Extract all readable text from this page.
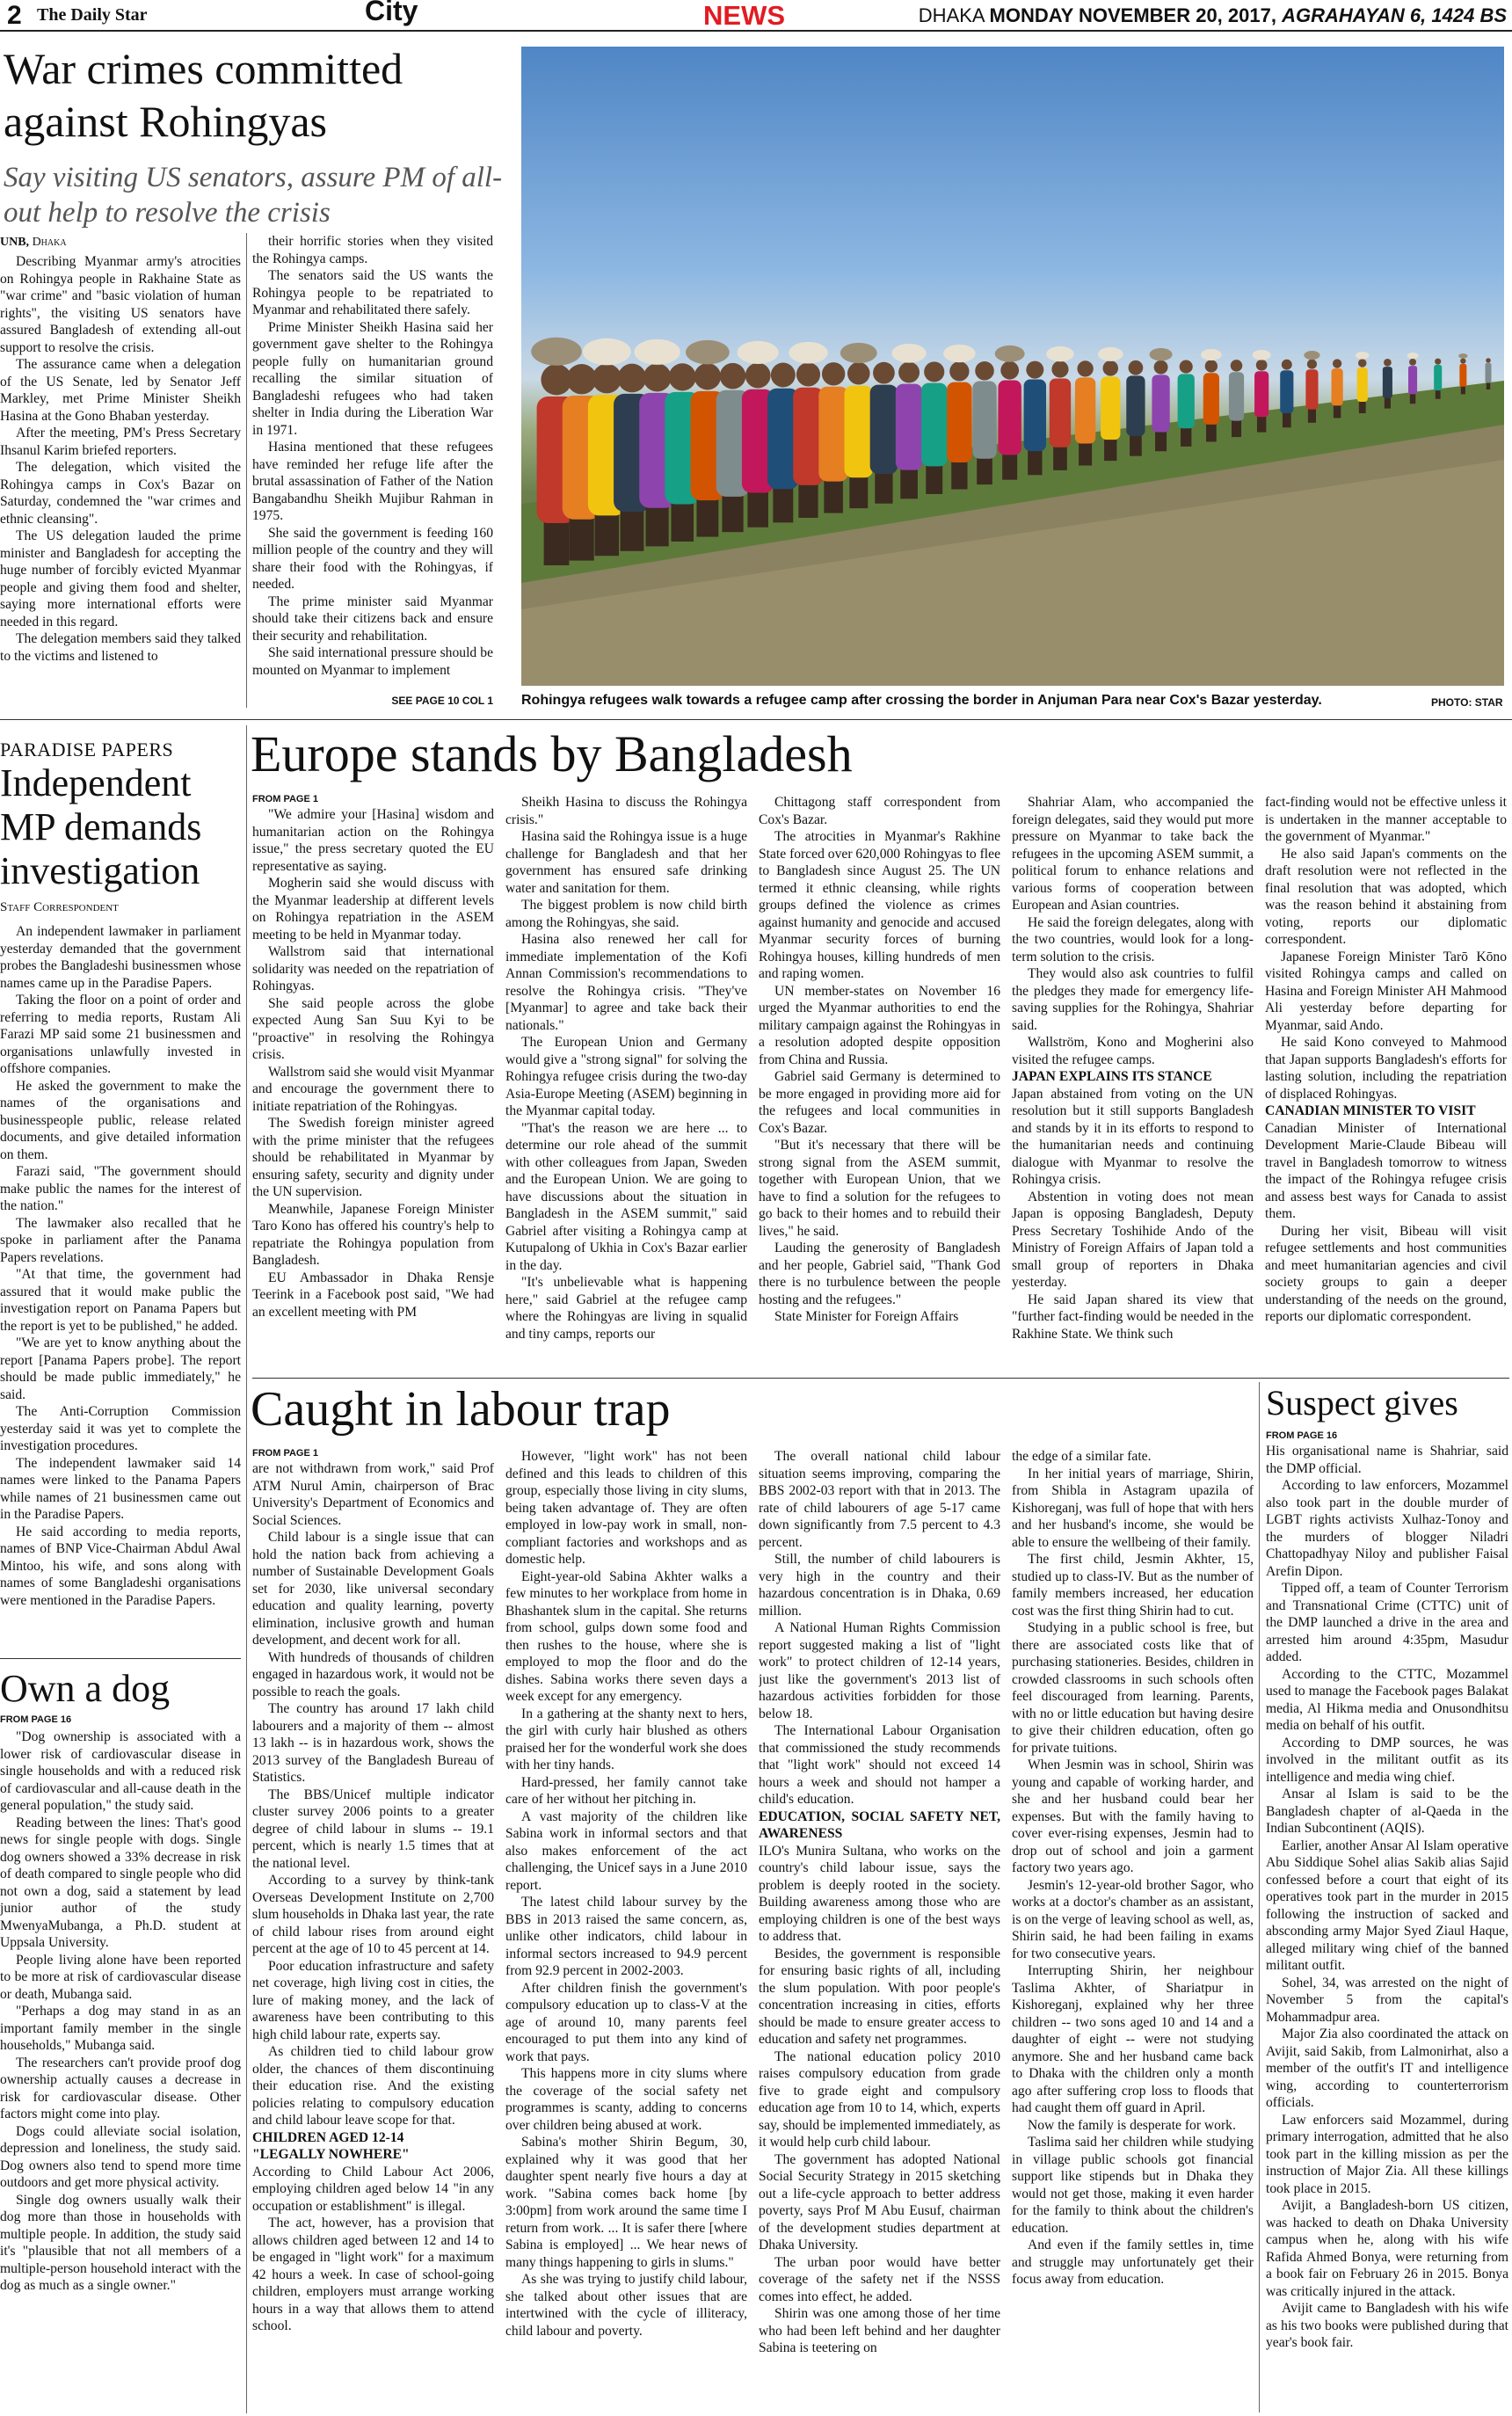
2 The Daily Star	City	NEWS	DHAKA MONDAY NOVEMBER 20, 2017, AGRAHAYAN 6, 1424 BS
War crimes committed against Rohingyas
Say visiting US senators, assure PM of all-out help to resolve the crisis
UNB, Dhaka

Describing Myanmar army's atrocities on Rohingya people in Rakhaine State as "war crime" and "basic violation of human rights", the visiting US senators have assured Bangladesh of extending all-out support to resolve the crisis.

The assurance came when a delegation of the US Senate, led by Senator Jeff Markley, met Prime Minister Sheikh Hasina at the Gono Bhaban yesterday.

After the meeting, PM's Press Secretary Ihsanul Karim briefed reporters.

The delegation, which visited the Rohingya camps in Cox's Bazar on Saturday, condemned the "war crimes and ethnic cleansing".

The US delegation lauded the prime minister and Bangladesh for accepting the huge number of forcibly evicted Myanmar people and giving them food and shelter, saying more international efforts were needed in this regard.

The delegation members said they talked to the victims and listened to

their horrific stories when they visited the Rohingya camps.

The senators said the US wants the Rohingya people to be repatriated to Myanmar and rehabilitated there safely.

Prime Minister Sheikh Hasina said her government gave shelter to the Rohingya people fully on humanitarian ground recalling the similar situation of Bangladeshi refugees who had taken shelter in India during the Liberation War in 1971.

Hasina mentioned that these refugees have reminded her refuge life after the brutal assassination of Father of the Nation Bangabandhu Sheikh Mujibur Rahman in 1975.

She said the government is feeding 160 million people of the country and they will share their food with the Rohingyas, if needed.

The prime minister said Myanmar should take their citizens back and ensure their security and rehabilitation.

She said international pressure should be mounted on Myanmar to implement

SEE PAGE 10 COL 1 Rohingya refugees walk towards a refugee camp after crossing the border in Anjuman Para near Cox's Bazar yesterday.	PHOTO: STAR
PARADISE PAPERS
Independent MP demands investigation
Staff Correspondent

An independent lawmaker in parliament yesterday demanded that the government probes the Bangladeshi businessmen whose names came up in the Paradise Papers.

Taking the floor on a point of order and referring to media reports, Rustam Ali Farazi MP said some 21 businessmen and organisations unlawfully invested in offshore companies.

He asked the government to make the names of the organisations and businesspeople public, release related documents, and give detailed information on them.

Farazi said, "The government should make public the names for the interest of the nation."

The lawmaker also recalled that he spoke in parliament after the Panama Papers revelations.

"At that time, the government had assured that it would make public the investigation report on Panama Papers but the report is yet to be published," he added.

"We are yet to know anything about the report [Panama Papers probe]. The report should be made public immediately," he said.

The Anti-Corruption Commission yesterday said it was yet to complete the investigation procedures.

The independent lawmaker said 14 names were linked to the Panama Papers while names of 21 businessmen came out in the Paradise Papers.

He said according to media reports, names of BNP Vice-Chairman Abdul Awal Mintoo, his wife, and sons along with names of some Bangladeshi organisations were mentioned in the Paradise Papers.

Own a dog
FROM PAGE 16

"Dog ownership is associated with a lower risk of cardiovascular disease in single households and with a reduced risk of cardiovascular and all-cause death in the general population," the study said.

Reading between the lines: That's good news for single people with dogs. Single dog owners showed a 33% decrease in risk of death compared to single people who did not own a dog, said a statement by lead junior author of the study MwenyaMubanga, a Ph.D. student at Uppsala University.

People living alone have been reported to be more at risk of cardiovascular disease or death, Mubanga said.

"Perhaps a dog may stand in as an important family member in the single households," Mubanga said.

The researchers can't provide proof dog ownership actually causes a decrease in risk for cardiovascular disease. Other factors might come into play.

Dogs could alleviate social isolation, depression and loneliness, the study said. Dog owners also tend to spend more time outdoors and get more physical activity.

Single dog owners usually walk their dog more than those in households with multiple people. In addition, the study said it's "plausible that not all members of a multiple-person household interact with the dog as much as a single owner."

Europe stands by Bangladesh
FROM PAGE 1

"We admire your [Hasina] wisdom and humanitarian action on the Rohingya issue," the press secretary quoted the EU representative as saying.

Mogherin said she would discuss with the Myanmar leadership at different levels on Rohingya repatriation in the ASEM meeting to be held in Myanmar today.

Wallstrom said that international solidarity was needed on the repatriation of Rohingyas.

She said people across the globe expected Aung San Suu Kyi to be "proactive" in resolving the Rohingya crisis.

Wallstrom said she would visit Myanmar and encourage the government there to initiate repatriation of the Rohingyas.

The Swedish foreign minister agreed with the prime minister that the refugees should be rehabilitated in Myanmar by ensuring safety, security and dignity under the UN supervision.

Meanwhile, Japanese Foreign Minister Taro Kono has offered his country's help to repatriate the Rohingya population from Bangladesh.

EU Ambassador in Dhaka Rensje Teerink in a Facebook post said, "We had an excellent meeting with PM

Sheikh Hasina to discuss the Rohingya crisis."

Hasina said the Rohingya issue is a huge challenge for Bangladesh and that her government has ensured safe drinking water and sanitation for them.

The biggest problem is now child birth among the Rohingyas, she said.

Hasina also renewed her call for immediate implementation of the Kofi Annan Commission's recommendations to resolve the Rohingya crisis. "They've [Myanmar] to agree and take back their nationals."

The European Union and Germany would give a "strong signal" for solving the Rohingya refugee crisis during the two-day Asia-Europe Meeting (ASEM) beginning in the Myanmar capital today.

"That's the reason we are here ... to determine our role ahead of the summit with other colleagues from Japan, Sweden and the European Union. We are going to have discussions about the situation in Bangladesh in the ASEM summit," said Gabriel after visiting a Rohingya camp at Kutupalong of Ukhia in Cox's Bazar earlier in the day.

"It's unbelievable what is happening here," said Gabriel at the refugee camp where the Rohingyas are living in squalid and tiny camps, reports our

Chittagong staff correspondent from Cox's Bazar.

The atrocities in Myanmar's Rakhine State forced over 620,000 Rohingyas to flee to Bangladesh since August 25. The UN termed it ethnic cleansing, while rights groups defined the violence as crimes against humanity and genocide and accused Myanmar security forces of burning Rohingya houses, killing hundreds of men and raping women.

UN member-states on November 16 urged the Myanmar authorities to end the military campaign against the Rohingyas in a resolution adopted despite opposition from China and Russia.

Gabriel said Germany is determined to be more engaged in providing more aid for the refugees and local communities in Cox's Bazar.

"But it's necessary that there will be strong signal from the ASEM summit, together with European Union, that we have to find a solution for the refugees to go back to their homes and to rebuild their lives," he said.

Lauding the generosity of Bangladesh and her people, Gabriel said, "Thank God there is no turbulence between the people hosting and the refugees."

State Minister for Foreign Affairs

Shahriar Alam, who accompanied the foreign delegates, said they would put more pressure on Myanmar to take back the refugees in the upcoming ASEM summit, a political forum to enhance relations and various forms of cooperation between European and Asian countries.

He said the foreign delegates, along with the two countries, would look for a long-term solution to the crisis.

They would also ask countries to fulfil the pledges they made for emergency life-saving supplies for the Rohingya, Shahriar said.

Wallström, Kono and Mogherini also visited the refugee camps.

JAPAN EXPLAINS ITS STANCE

Japan abstained from voting on the UN resolution but it still supports Bangladesh and stands by it in its efforts to respond to the humanitarian needs and continuing dialogue with Myanmar to resolve the Rohingya crisis.

Abstention in voting does not mean Japan is opposing Bangladesh, Deputy Press Secretary Toshihide Ando of the Ministry of Foreign Affairs of Japan told a small group of reporters in Dhaka yesterday.

He said Japan shared its view that "further fact-finding would be needed in the Rakhine State. We think such

fact-finding would not be effective unless it is undertaken in the manner acceptable to the government of Myanmar."

He also said Japan's comments on the draft resolution were not reflected in the final resolution that was adopted, which was the reason behind it abstaining from voting, reports our diplomatic correspondent.

Japanese Foreign Minister Tarō Kōno visited Rohingya camps and called on Hasina and Foreign Minister AH Mahmood Ali yesterday before departing for Myanmar, said Ando.

He said Kono conveyed to Mahmood that Japan supports Bangladesh's efforts for lasting solution, including the repatriation of displaced Rohingyas.

CANADIAN MINISTER TO VISIT

Canadian Minister of International Development Marie-Claude Bibeau will travel in Bangladesh tomorrow to witness the impact of the Rohingya refugee crisis and assess best ways for Canada to assist them.

During her visit, Bibeau will visit refugee settlements and host communities and meet humanitarian agencies and civil society groups to gain a deeper understanding of the needs on the ground, reports our diplomatic correspondent.

Caught in labour trap
FROM PAGE 1

are not withdrawn from work," said Prof ATM Nurul Amin, chairperson of Brac University's Department of Economics and Social Sciences.

Child labour is a single issue that can hold the nation back from achieving a number of Sustainable Development Goals set for 2030, like universal secondary education and quality learning, poverty elimination, inclusive growth and human development, and decent work for all.

With hundreds of thousands of children engaged in hazardous work, it would not be possible to reach the goals.

The country has around 17 lakh child labourers and a majority of them -- almost 13 lakh -- is in hazardous work, shows the 2013 survey of the Bangladesh Bureau of Statistics.

The BBS/Unicef multiple indicator cluster survey 2006 points to a greater degree of child labour in slums -- 19.1 percent, which is nearly 1.5 times that at the national level.

According to a survey by think-tank Overseas Development Institute on 2,700 slum households in Dhaka last year, the rate of child labour rises from around eight percent at the age of 10 to 45 percent at 14.

Poor education infrastructure and safety net coverage, high living cost in cities, the lure of making money, and the lack of awareness have been contributing to this high child labour rate, experts say.

As children tied to child labour grow older, the chances of them discontinuing their education rise. And the existing policies relating to compulsory education and child labour leave scope for that.

CHILDREN AGED 12-14

"LEGALLY NOWHERE"

According to Child Labour Act 2006, employing children aged below 14 "in any occupation or establishment" is illegal.

The act, however, has a provision that allows children aged between 12 and 14 to be engaged in "light work" for a maximum 42 hours a week. In case of school-going children, employers must arrange working hours in a way that allows them to attend school.

However, "light work" has not been defined and this leads to children of this group, especially those living in city slums, being taken advantage of. They are often employed in low-pay work in small, non-compliant factories and workshops and as domestic help.

Eight-year-old Sabina Akhter walks a few minutes to her workplace from home in Bhashantek slum in the capital. She returns from school, gulps down some food and then rushes to the house, where she is employed to mop the floor and do the dishes. Sabina works there seven days a week except for any emergency.

In a gathering at the shanty next to hers, the girl with curly hair blushed as others praised her for the wonderful work she does with her tiny hands.

Hard-pressed, her family cannot take care of her without her pitching in.

A vast majority of the children like Sabina work in informal sectors and that also makes enforcement of the act challenging, the Unicef says in a June 2010 report.

The latest child labour survey by the BBS in 2013 raised the same concern, as, unlike other indicators, child labour in informal sectors increased to 94.9 percent from 92.9 percent in 2002-2003.

After children finish the government's compulsory education up to class-V at the age of around 10, many parents feel encouraged to put them into any kind of work that pays.

This happens more in city slums where the coverage of the social safety net programmes is scanty, adding to concerns over children being abused at work.

Sabina's mother Shirin Begum, 30, explained why it was good that her daughter spent nearly five hours a day at work. "Sabina comes back home [by 3:00pm] from work around the same time I return from work. ... It is safer there [where Sabina is employed] ... We hear news of many things happening to girls in slums."

As she was trying to justify child labour, she talked about other issues that are intertwined with the cycle of illiteracy, child labour and poverty.

The overall national child labour situation seems improving, comparing the BBS 2002-03 report with that in 2013. The rate of child labourers of age 5-17 came down significantly from 7.5 percent to 4.3 percent.

Still, the number of child labourers is very high in the country and their hazardous concentration is in Dhaka, 0.69 million.

A National Human Rights Commission report suggested making a list of "light work" to protect children of 12-14 years, just like the government's 2013 list of hazardous activities forbidden for those below 18.

The International Labour Organisation that commissioned the study recommends that "light work" should not exceed 14 hours a week and should not hamper a child's education.

EDUCATION, SOCIAL SAFETY NET, AWARENESS

ILO's Munira Sultana, who works on the country's child labour issue, says the problem is deeply rooted in the society. Building awareness among those who are employing children is one of the best ways to address that.

Besides, the government is responsible for ensuring basic rights of all, including the slum population. With poor people's concentration increasing in cities, efforts should be made to ensure greater access to education and safety net programmes.

The national education policy 2010 raises compulsory education from grade five to grade eight and compulsory education age from 10 to 14, which, experts say, should be implemented immediately, as it would help curb child labour.

The government has adopted National Social Security Strategy in 2015 sketching out a life-cycle approach to better address poverty, says Prof M Abu Eusuf, chairman of the development studies department at Dhaka University.

The urban poor would have better coverage of the safety net if the NSSS comes into effect, he added.

Shirin was one among those of her time who had been left behind and her daughter Sabina is teetering on

the edge of a similar fate.

In her initial years of marriage, Shirin, from Shibla in Astagram upazila of Kishoreganj, was full of hope that with hers and her husband's income, she would be able to ensure the wellbeing of their family.

The first child, Jesmin Akhter, 15, studied up to class-IV. But as the number of family members increased, her education cost was the first thing Shirin had to cut.

Studying in a public school is free, but there are associated costs like that of purchasing stationeries. Besides, children in crowded classrooms in such schools often feel discouraged from learning. Parents, with no or little education but having desire to give their children education, often go for private tuitions.

When Jesmin was in school, Shirin was young and capable of working harder, and she and her husband could bear her expenses. But with the family having to cover ever-rising expenses, Jesmin had to drop out of school and join a garment factory two years ago.

Jesmin's 12-year-old brother Sagor, who works at a doctor's chamber as an assistant, is on the verge of leaving school as well, as, Shirin said, he had been failing in exams for two consecutive years.

Interrupting Shirin, her neighbour Taslima Akhter, of Shariatpur in Kishoreganj, explained why her three children -- two sons aged 10 and 14 and a daughter of eight -- were not studying anymore. She and her husband came back to Dhaka with the children only a month ago after suffering crop loss to floods that had caught them off guard in April.

Now the family is desperate for work.

Taslima said her children while studying in village public schools got financial support like stipends but in Dhaka they would not get those, making it even harder for the family to think about the children's education.

And even if the family settles in, time and struggle may unfortunately get their focus away from education.

Suspect gives
FROM PAGE 16

His organisational name is Shahriar, said the DMP official.

According to law enforcers, Mozammel also took part in the double murder of LGBT rights activists Xulhaz-Tonoy and the murders of blogger Niladri Chattopadhyay Niloy and publisher Faisal Arefin Dipon.

Tipped off, a team of Counter Terrorism and Transnational Crime (CTTC) unit of the DMP launched a drive in the area and arrested him around 4:35pm, Masudur added.

According to the CTTC, Mozammel used to manage the Facebook pages Balakat media, Al Hikma media and Onusondhitsu media on behalf of his outfit.

According to DMP sources, he was involved in the militant outfit as its intelligence and media wing chief.

Ansar al Islam is said to be the Bangladesh chapter of al-Qaeda in the Indian Subcontinent (AQIS).

Earlier, another Ansar Al Islam operative Abu Siddique Sohel alias Sakib alias Sajid confessed before a court that eight of its operatives took part in the murder in 2015 following the instruction of sacked and absconding army Major Syed Ziaul Haque, alleged military wing chief of the banned militant outfit.

Sohel, 34, was arrested on the night of November 5 from the capital's Mohammadpur area.

Major Zia also coordinated the attack on Avijit, said Sakib, from Lalmonirhat, also a member of the outfit's IT and intelligence wing, according to counterterrorism officials.

Law enforcers said Mozammel, during primary interrogation, admitted that he also took part in the killing mission as per the instruction of Major Zia. All these killings took place in 2015.

Avijit, a Bangladesh-born US citizen, was hacked to death on Dhaka University campus when he, along with his wife Rafida Ahmed Bonya, were returning from a book fair on February 26 in 2015. Bonya was critically injured in the attack.

Avijit came to Bangladesh with his wife as his two books were published during that year's book fair.
